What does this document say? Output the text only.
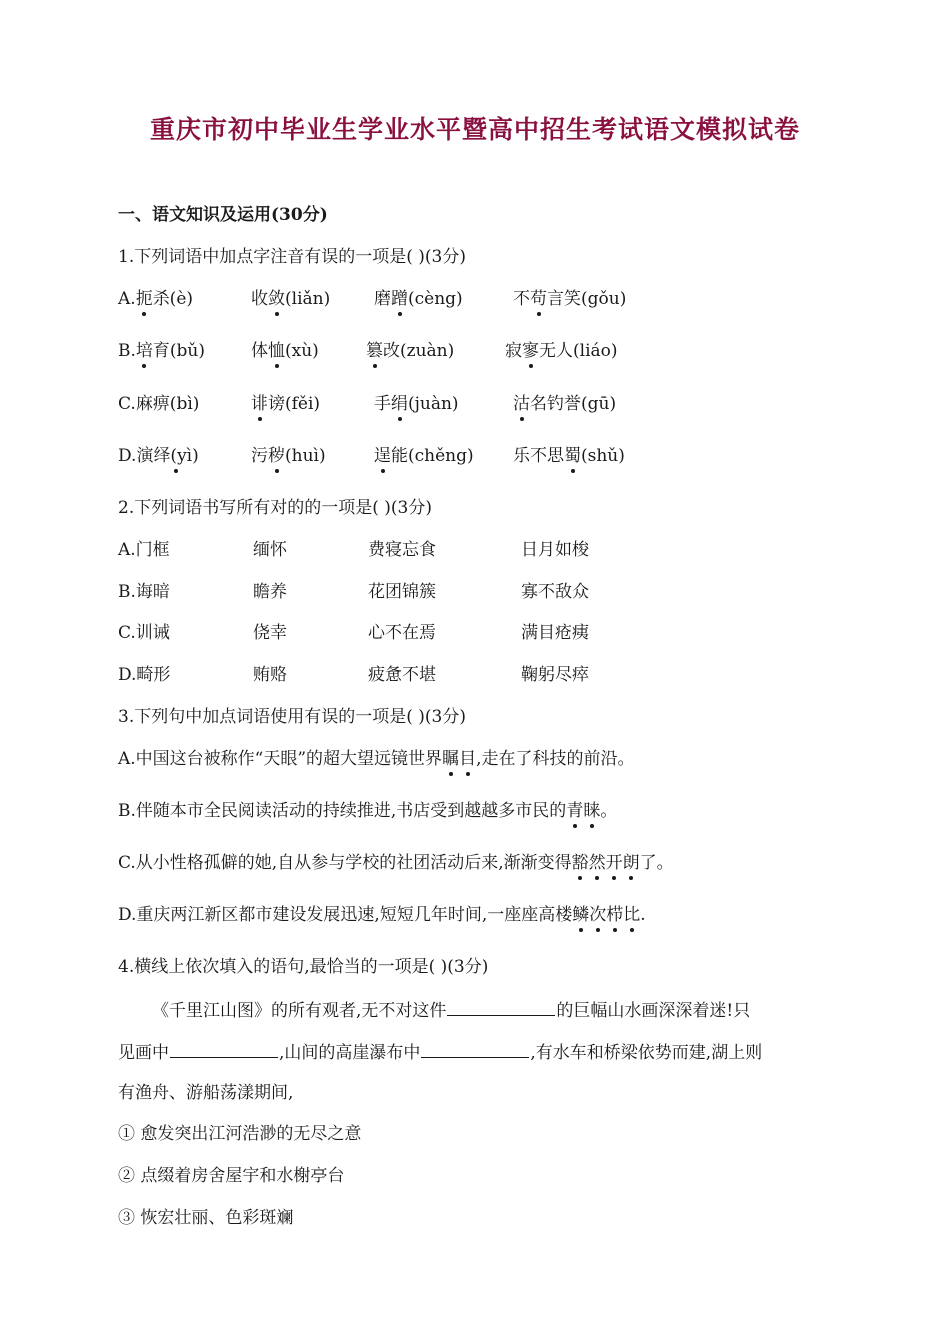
重庆市初中毕业生学业水平暨高中招生考试语文模拟试卷
一、语文知识及运用(30分)
1.下列词语中加点字注音有误的一项是( )(3分)
A.扼杀(è)	收敛(liǎn)	磨蹭(cèng)	不苟言笑(gǒu)
B.培育(bǔ)	体恤(xù)	篡改(zuàn)	寂寥无人(liáo)
C.麻痹(bì)	诽谤(fěi)	手绢(juàn)	沽名钓誉(gū)
D.演绎(yì)	污秽(huì)	逞能(chěng) 乐不思蜀(shǔ)
2.下列词语书写所有对的的一项是( )(3分)
A.门框	缅怀	费寝忘食	日月如梭
B.诲暗	瞻养	花团锦簇	寡不敌众
C.训诫	侥幸	心不在焉	满目疮痍
D.畸形	贿赂	疲惫不堪	鞠躬尽瘁
3.下列句中加点词语使用有误的一项是( )(3分)
A.中国这台被称作“天眼”的超大望远镜世界瞩目,走在了科技的前沿。
B.伴随本市全民阅读活动的持续推进,书店受到越越多市民的青睐。
C.从小性格孤僻的她,自从参与学校的社团活动后来,渐渐变得豁然开朗了。
D.重庆两江新区都市建设发展迅速,短短几年时间,一座座高楼鳞次栉比.
4.横线上依次填入的语句,最恰当的一项是( )(3分)
《千里江山图》的所有观者,无不对这件	的巨幅山水画深深着迷!只
见画中	,山间的高崖瀑布中	,有水车和桥梁依势而建,湖上则
有渔舟、游船荡漾期间,
① 愈发突出江河浩渺的无尽之意
② 点缀着房舍屋宇和水榭亭台
③ 恢宏壮丽、色彩斑斓
